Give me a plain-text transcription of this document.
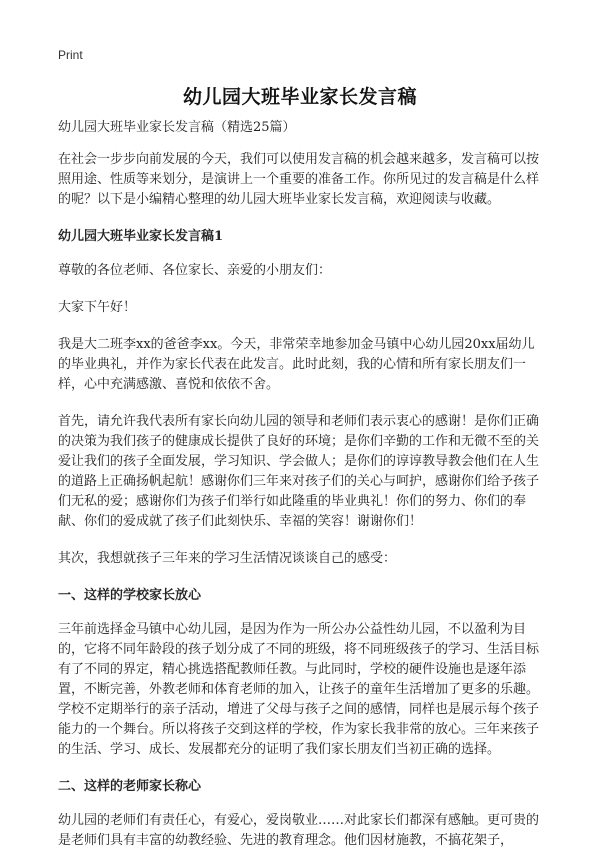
Print
幼儿园大班毕业家长发言稿

幼儿园大班毕业家长发言稿（精选25篇）

在社会一步步向前发展的今天，我们可以使用发言稿的机会越来越多，发言稿可以按照用途、性质等来划分，是演讲上一个重要的准备工作。你所见过的发言稿是什么样的呢？以下是小编精心整理的幼儿园大班毕业家长发言稿，欢迎阅读与收藏。

幼儿园大班毕业家长发言稿1

尊敬的各位老师、各位家长、亲爱的小朋友们：

大家下午好！

我是大二班李xx的爸爸李xx。今天，非常荣幸地参加金马镇中心幼儿园20xx届幼儿的毕业典礼，并作为家长代表在此发言。此时此刻，我的心情和所有家长朋友们一样，心中充满感激、喜悦和依依不舍。

首先，请允许我代表所有家长向幼儿园的领导和老师们表示衷心的感谢！是你们正确的决策为我们孩子的健康成长提供了良好的环境；是你们辛勤的工作和无微不至的关爱让我们的孩子全面发展，学习知识、学会做人；是你们的谆谆教导教会他们在人生的道路上正确扬帆起航！感谢你们三年来对孩子们的关心与呵护，感谢你们给予孩子们无私的爱；感谢你们为孩子们举行如此隆重的毕业典礼！你们的努力、你们的奉献、你们的爱成就了孩子们此刻快乐、幸福的笑容！谢谢你们！

其次，我想就孩子三年来的学习生活情况谈谈自己的感受：

一、这样的学校家长放心

三年前选择金马镇中心幼儿园，是因为作为一所公办公益性幼儿园，不以盈利为目的，它将不同年龄段的孩子划分成了不同的班级，将不同班级孩子的学习、生活目标有了不同的界定，精心挑选搭配教师任教。与此同时，学校的硬件设施也是逐年添置，不断完善，外教老师和体育老师的加入，让孩子的童年生活增加了更多的乐趣。学校不定期举行的亲子活动，增进了父母与孩子之间的感情，同样也是展示每个孩子能力的一个舞台。所以将孩子交到这样的学校，作为家长我非常的放心。三年来孩子的生活、学习、成长、发展都充分的证明了我们家长朋友们当初正确的选择。

二、这样的老师家长称心

幼儿园的老师们有责任心，有爱心，爱岗敬业……对此家长们都深有感触。更可贵的是老师们具有丰富的幼教经验、先进的教育理念。他们因材施教，不搞花架子，
